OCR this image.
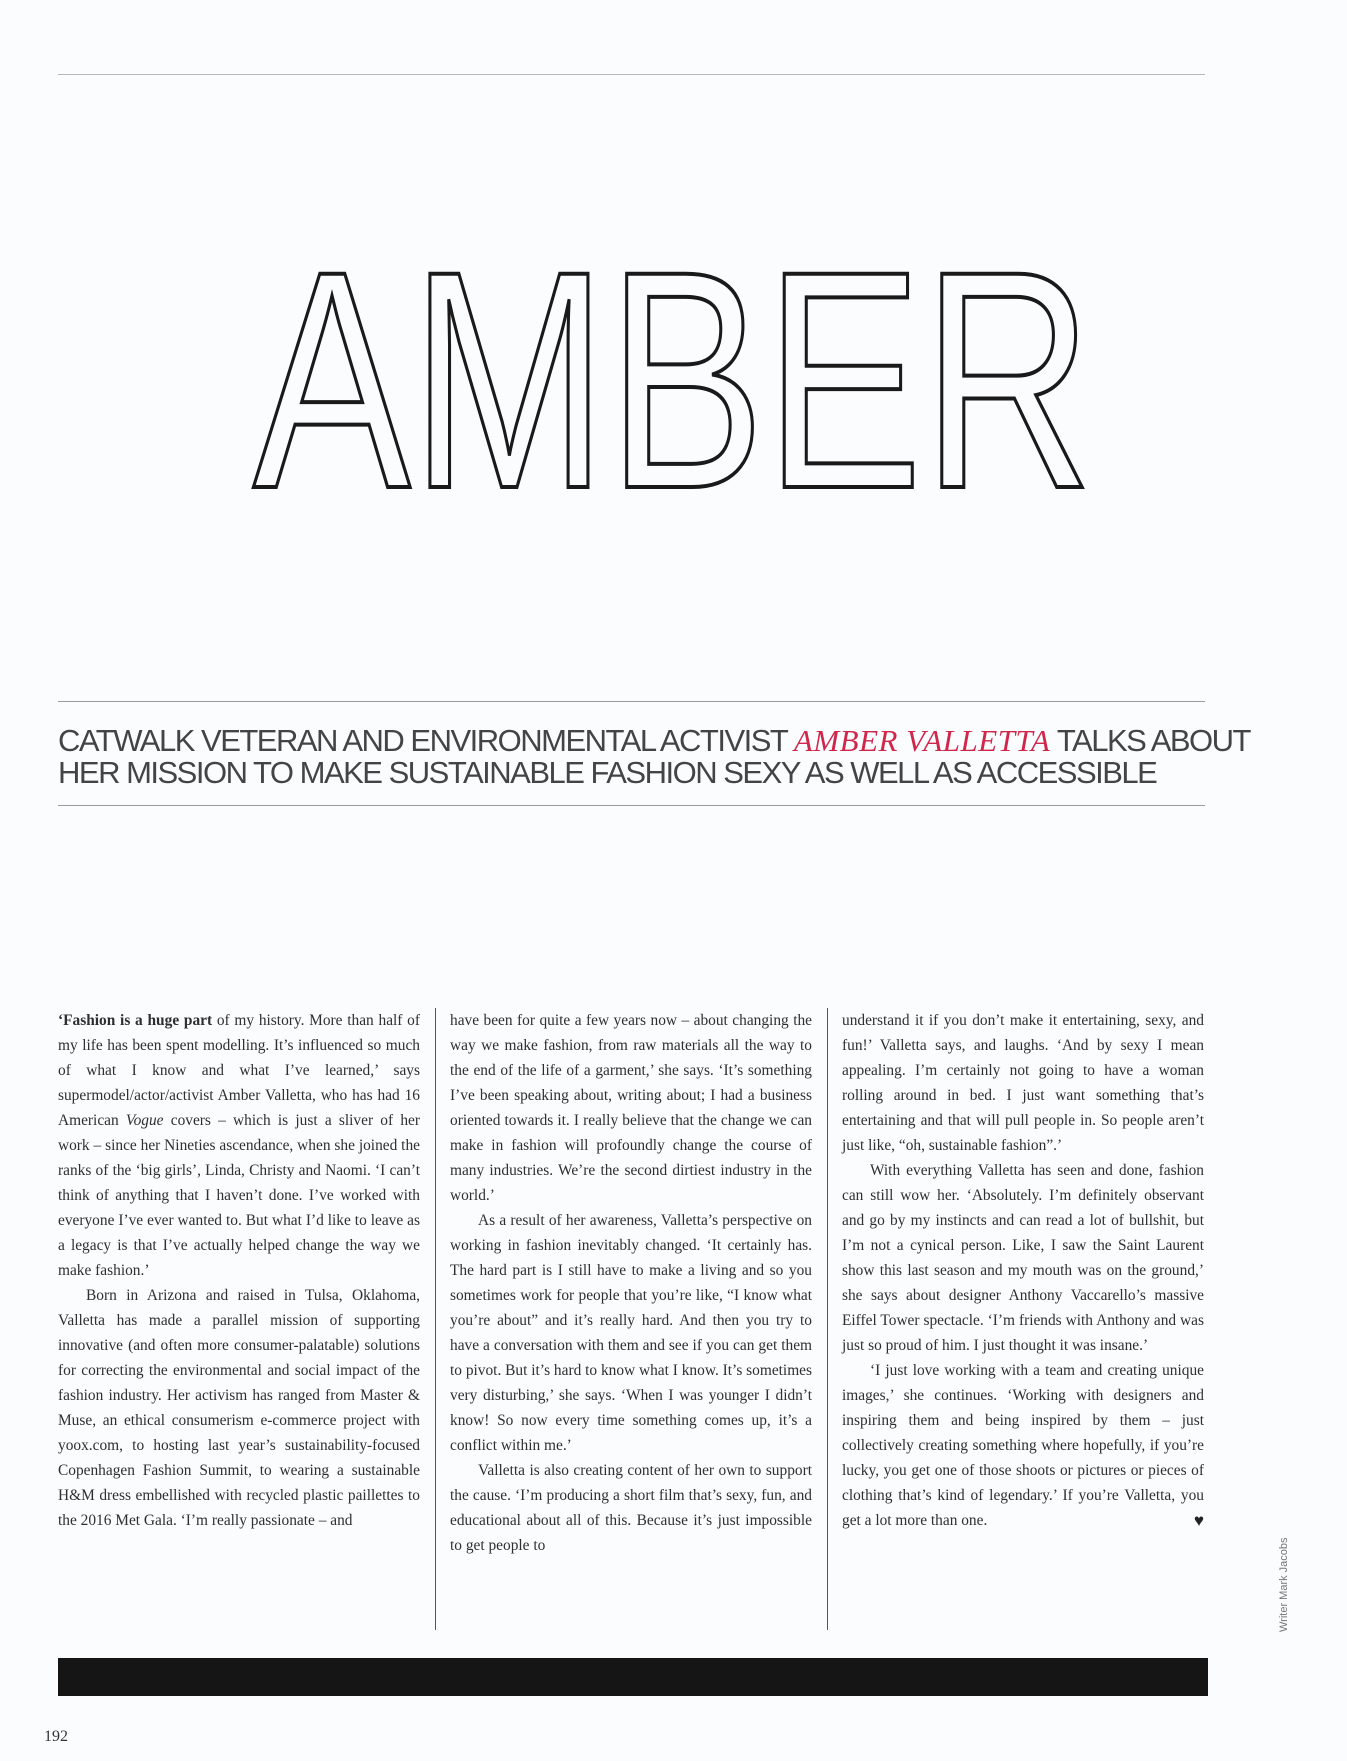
AMBER
CATWALK VETERAN AND ENVIRONMENTAL ACTIVIST AMBER VALLETTA TALKS ABOUT
HER MISSION TO MAKE SUSTAINABLE FASHION SEXY AS WELL AS ACCESSIBLE

‘Fashion is a huge part of my history. More than half of my life has been spent modelling. It’s influenced so much of what I know and what I’ve learned,’ says supermodel/actor/activist Amber Valletta, who has had 16 American Vogue covers – which is just a sliver of her work – since her Nineties ascendance, when she joined the ranks of the ‘big girls’, Linda, Christy and Naomi. ‘I can’t think of anything that I haven’t done. I’ve worked with everyone I’ve ever wanted to. But what I’d like to leave as a legacy is that I’ve actually helped change the way we make fashion.’

Born in Arizona and raised in Tulsa, Oklahoma, Valletta has made a parallel mission of supporting innovative (and often more consumer-palatable) solutions for correcting the environmental and social impact of the fashion industry. Her activism has ranged from Master & Muse, an ethical consumerism e-commerce project with yoox.com, to hosting last year’s sustainability-focused Copenhagen Fashion Summit, to wearing a sustainable H&M dress embellished with recycled plastic paillettes to the 2016 Met Gala. ‘I’m really passionate – and

have been for quite a few years now – about changing the way we make fashion, from raw materials all the way to the end of the life of a garment,’ she says. ‘It’s something I’ve been speaking about, writing about; I had a business oriented towards it. I really believe that the change we can make in fashion will profoundly change the course of many industries. We’re the second dirtiest industry in the world.’

As a result of her awareness, Valletta’s perspective on working in fashion inevitably changed. ‘It certainly has. The hard part is I still have to make a living and so you sometimes work for people that you’re like, “I know what you’re about” and it’s really hard. And then you try to have a conversation with them and see if you can get them to pivot. But it’s hard to know what I know. It’s sometimes very disturbing,’ she says. ‘When I was younger I didn’t know! So now every time something comes up, it’s a conflict within me.’

Valletta is also creating content of her own to support the cause. ‘I’m producing a short film that’s sexy, fun, and educational about all of this. Because it’s just impossible to get people to

understand it if you don’t make it entertaining, sexy, and fun!’ Valletta says, and laughs. ‘And by sexy I mean appealing. I’m certainly not going to have a woman rolling around in bed. I just want something that’s entertaining and that will pull people in. So people aren’t just like, “oh, sustainable fashion”.’

With everything Valletta has seen and done, fashion can still wow her. ‘Absolutely. I’m definitely observant and go by my instincts and can read a lot of bullshit, but I’m not a cynical person. Like, I saw the Saint Laurent show this last season and my mouth was on the ground,’ she says about designer Anthony Vaccarello’s massive Eiffel Tower spectacle. ‘I’m friends with Anthony and was just so proud of him. I just thought it was insane.’

‘I just love working with a team and creating unique images,’ she continues. ‘Working with designers and inspiring them and being inspired by them – just collectively creating something where hopefully, if you’re lucky, you get one of those shoots or pictures or pieces of clothing that’s kind of legendary.’ If you’re Valletta, you get a lot more than one.	♥

192
Writer Mark Jacobs
